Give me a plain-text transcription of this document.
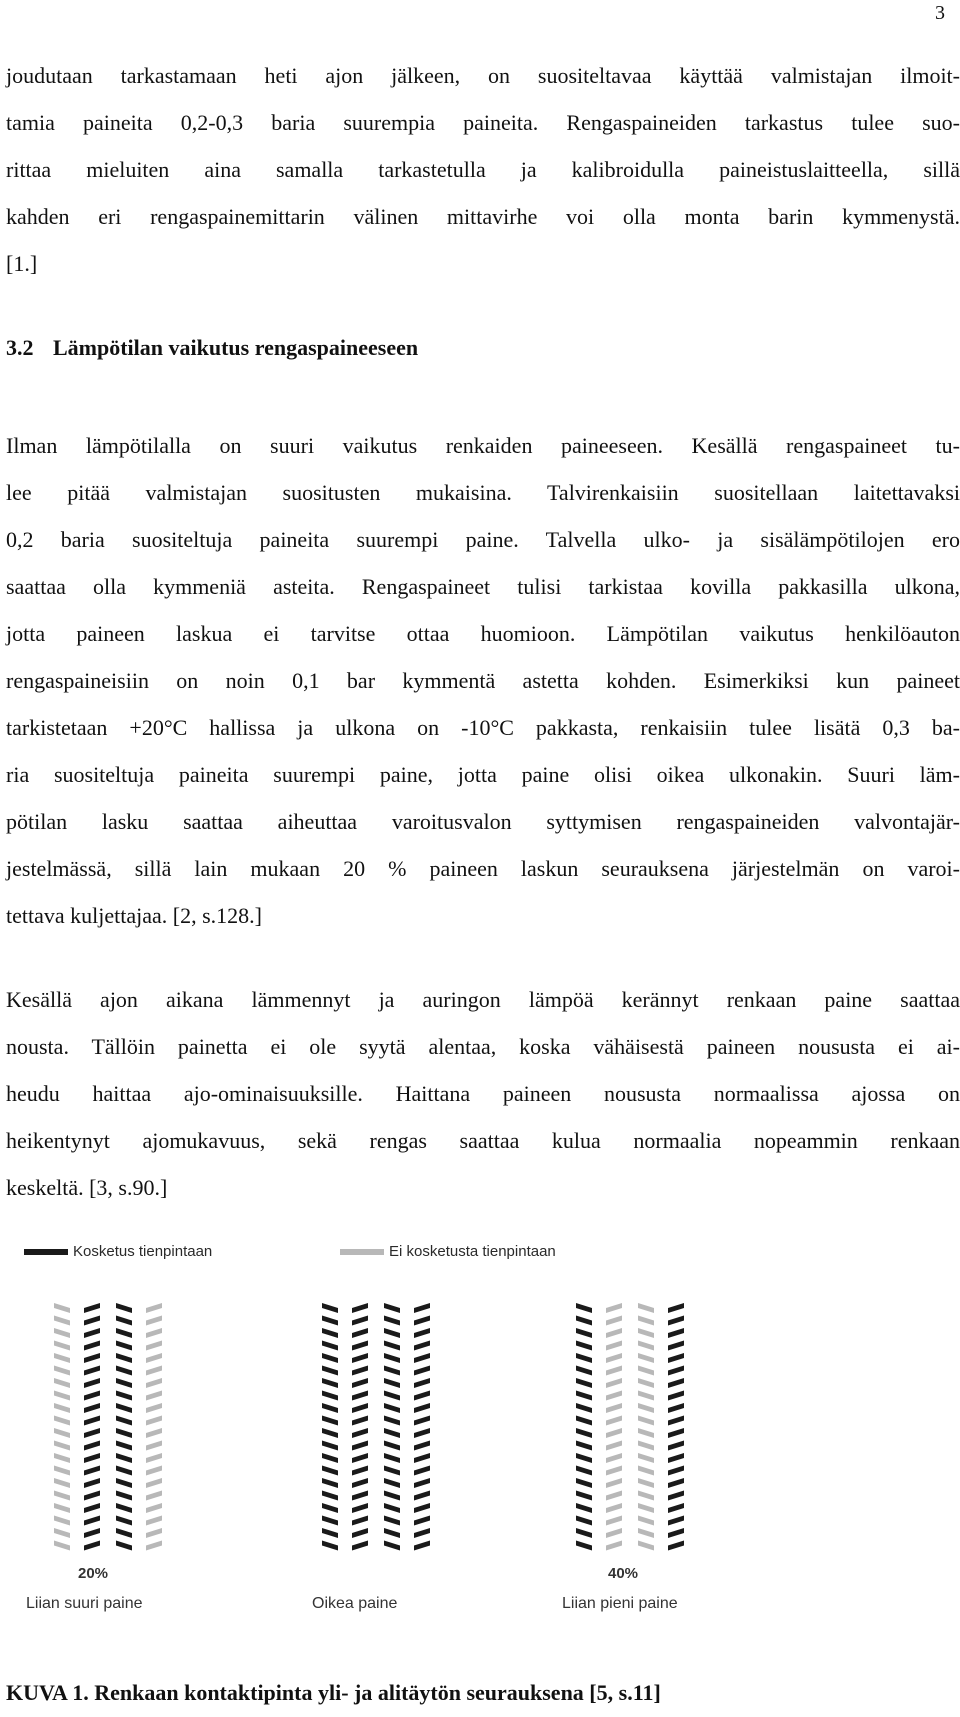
3

joudutaan tarkastamaan heti ajon jälkeen, on suositeltavaa käyttää valmistajan ilmoit-
tamia paineita 0,2-0,3 baria suurempia paineita. Rengaspaineiden tarkastus tulee suo-
rittaa mieluiten aina samalla tarkastetulla ja kalibroidulla paineistuslaitteella, sillä
kahden eri rengaspainemittarin välinen mittavirhe voi olla monta barin kymmenystä.
[1.]

3.2 Lämpötilan vaikutus rengaspaineeseen

Ilman lämpötilalla on suuri vaikutus renkaiden paineeseen. Kesällä rengaspaineet tu-
lee pitää valmistajan suositusten mukaisina. Talvirenkaisiin suositellaan laitettavaksi
0,2 baria suositeltuja paineita suurempi paine. Talvella ulko- ja sisälämpötilojen ero
saattaa olla kymmeniä asteita. Rengaspaineet tulisi tarkistaa kovilla pakkasilla ulkona,
jotta paineen laskua ei tarvitse ottaa huomioon. Lämpötilan vaikutus henkilöauton
rengaspaineisiin on noin 0,1 bar kymmentä astetta kohden. Esimerkiksi kun paineet
tarkistetaan +20°C hallissa ja ulkona on -10°C pakkasta, renkaisiin tulee lisätä 0,3 ba-
ria suositeltuja paineita suurempi paine, jotta paine olisi oikea ulkonakin. Suuri läm-
pötilan lasku saattaa aiheuttaa varoitusvalon syttymisen rengaspaineiden valvontajär-
jestelmässä, sillä lain mukaan 20 % paineen laskun seurauksena järjestelmän on varoi-
tettava kuljettajaa. [2, s.128.]

Kesällä ajon aikana lämmennyt ja auringon lämpöä kerännyt renkaan paine saattaa
nousta. Tällöin painetta ei ole syytä alentaa, koska vähäisestä paineen noususta ei ai-
heudu haittaa ajo-ominaisuuksille. Haittana paineen noususta normaalissa ajossa on
heikentynyt ajomukavuus, sekä rengas saattaa kulua normaalia nopeammin renkaan
keskeltä. [3, s.90.]

Kosketus tienpintaan	Ei kosketusta tienpintaan
20%	40%
Liian suuri paine	Oikea paine	Liian pieni paine

KUVA 1. Renkaan kontaktipinta yli- ja alitäytön seurauksena [5, s.11]
